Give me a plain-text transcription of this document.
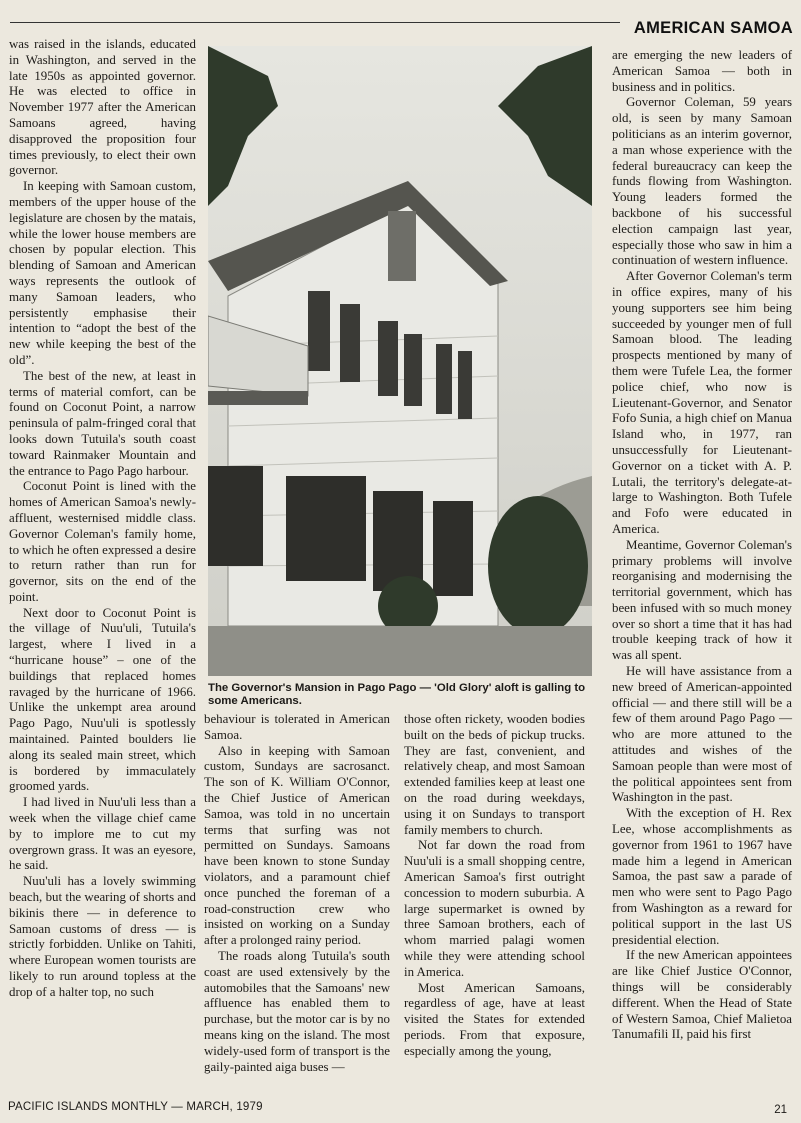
AMERICAN SAMOA

was raised in the islands, educated in Washington, and served in the late 1950s as appointed governor. He was elected to office in November 1977 after the American Samoans agreed, having disapproved the proposition four times previously, to elect their own governor.

In keeping with Samoan custom, members of the upper house of the legislature are chosen by the matais, while the lower house members are chosen by popular election. This blending of Samoan and American ways represents the outlook of many Samoan leaders, who persistently emphasise their intention to “adopt the best of the new while keeping the best of the old”.

The best of the new, at least in terms of material comfort, can be found on Coconut Point, a narrow peninsula of palm-fringed coral that looks down Tutuila's south coast toward Rainmaker Mountain and the entrance to Pago Pago harbour.

Coconut Point is lined with the homes of American Samoa's newly-affluent, westernised middle class. Governor Coleman's family home, to which he often expressed a desire to return rather than run for governor, sits on the end of the point.

Next door to Coconut Point is the village of Nuu'uli, Tutuila's largest, where I lived in a “hurricane house” – one of the buildings that replaced homes ravaged by the hurricane of 1966. Unlike the unkempt area around Pago Pago, Nuu'uli is spotlessly maintained. Painted boulders lie along its sealed main street, which is bordered by immaculately groomed yards.

I had lived in Nuu'uli less than a week when the village chief came by to implore me to cut my overgrown grass. It was an eyesore, he said.

Nuu'uli has a lovely swimming beach, but the wearing of shorts and bikinis there — in deference to Samoan customs of dress — is strictly forbidden. Unlike on Tahiti, where European women tourists are likely to run around topless at the drop of a halter top, no such

The Governor's Mansion in Pago Pago — 'Old Glory' aloft is galling to some Americans.

behaviour is tolerated in American Samoa.

Also in keeping with Samoan custom, Sundays are sacrosanct. The son of K. William O'Connor, the Chief Justice of American Samoa, was told in no uncertain terms that surfing was not permitted on Sundays. Samoans have been known to stone Sunday violators, and a paramount chief once punched the foreman of a road-construction crew who insisted on working on a Sunday after a prolonged rainy period.

The roads along Tutuila's south coast are used extensively by the automobiles that the Samoans' new affluence has enabled them to purchase, but the motor car is by no means king on the island. The most widely-used form of transport is the gaily-painted aiga buses —

those often rickety, wooden bodies built on the beds of pickup trucks. They are fast, convenient, and relatively cheap, and most Samoan extended families keep at least one on the road during weekdays, using it on Sundays to transport family members to church.

Not far down the road from Nuu'uli is a small shopping centre, American Samoa's first outright concession to modern suburbia. A large supermarket is owned by three Samoan brothers, each of whom married palagi women while they were attending school in America.

Most American Samoans, regardless of age, have at least visited the States for extended periods. From that exposure, especially among the young,

are emerging the new leaders of American Samoa — both in business and in politics.

Governor Coleman, 59 years old, is seen by many Samoan politicians as an interim governor, a man whose experience with the federal bureaucracy can keep the funds flowing from Washington. Young leaders formed the backbone of his successful election campaign last year, especially those who saw in him a continuation of western influence.

After Governor Coleman's term in office expires, many of his young supporters see him being succeeded by younger men of full Samoan blood. The leading prospects mentioned by many of them were Tufele Lea, the former police chief, who now is Lieutenant-Governor, and Senator Fofo Sunia, a high chief on Manua Island who, in 1977, ran unsuccessfully for Lieutenant-Governor on a ticket with A. P. Lutali, the territory's delegate-at-large to Washington. Both Tufele and Fofo were educated in America.

Meantime, Governor Coleman's primary problems will involve reorganising and modernising the territorial government, which has been infused with so much money over so short a time that it has had trouble keeping track of how it was all spent.

He will have assistance from a new breed of American-appointed official — and there still will be a few of them around Pago Pago — who are more attuned to the attitudes and wishes of the Samoan people than were most of the political appointees sent from Washington in the past.

With the exception of H. Rex Lee, whose accomplishments as governor from 1961 to 1967 have made him a legend in American Samoa, the past saw a parade of men who were sent to Pago Pago from Washington as a reward for political support in the last US presidential election.

If the new American appointees are like Chief Justice O'Connor, things will be considerably different. When the Head of State of Western Samoa, Chief Malietoa Tanumafili II, paid his first

PACIFIC ISLANDS MONTHLY — MARCH, 1979	21
